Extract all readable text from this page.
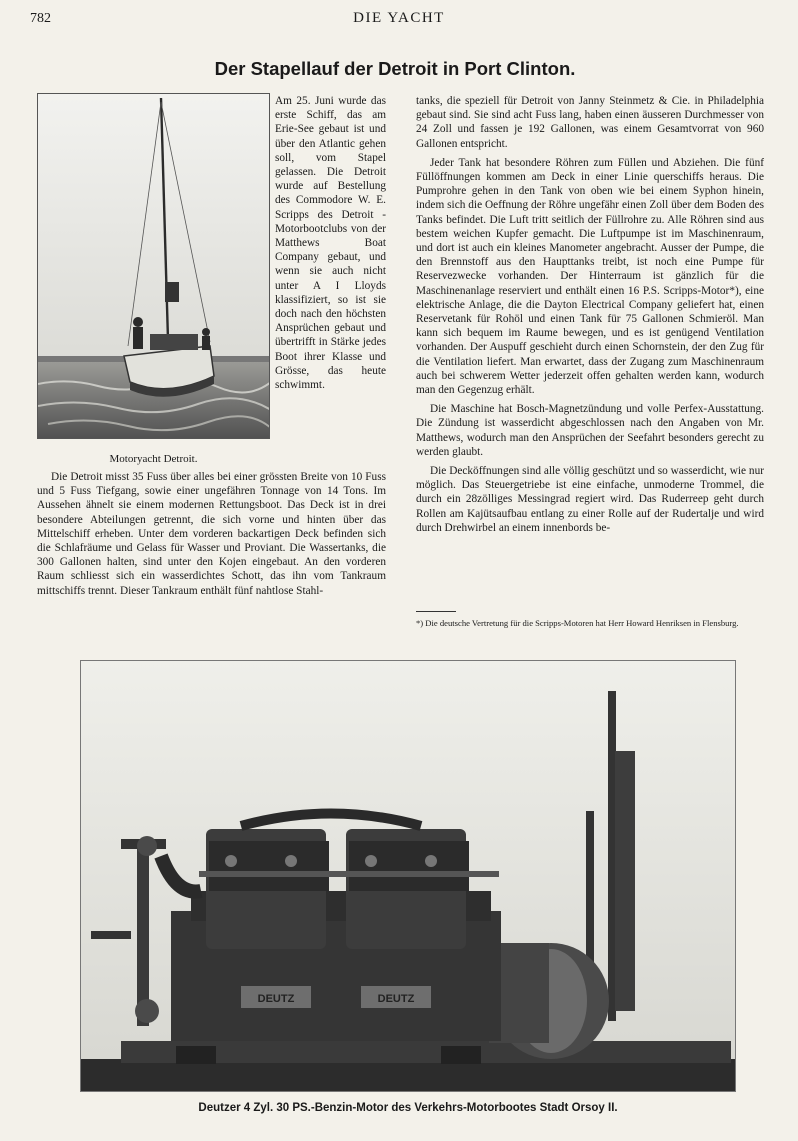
782	DIE YACHT
Der Stapellauf der Detroit in Port Clinton.
Motoryacht Detroit.

Am 25. Juni wurde das erste Schiff, das am Erie-See gebaut ist und über den Atlantic gehen soll, vom Stapel gelassen. Die Detroit wurde auf Bestellung des Commodore W. E. Scripps des Detroit - Motorbootclubs von der Matthews Boat Company gebaut, und wenn sie auch nicht unter A I Lloyds klassifiziert, so ist sie doch nach den höchsten Ansprüchen gebaut und übertrifft in Stärke jedes Boot ihrer Klasse und Grösse, das heute schwimmt.

Die Detroit misst 35 Fuss über alles bei einer grössten Breite von 10 Fuss und 5 Fuss Tiefgang, sowie einer ungefähren Tonnage von 14 Tons. Im Aussehen ähnelt sie einem modernen Rettungsboot. Das Deck ist in drei besondere Abteilungen getrennt, die sich vorne und hinten über das Mittelschiff erheben. Unter dem vorderen backartigen Deck befinden sich die Schlafräume und Gelass für Wasser und Proviant. Die Wassertanks, die 300 Gallonen halten, sind unter den Kojen eingebaut. An den vorderen Raum schliesst sich ein wasserdichtes Schott, das ihn vom Tankraum mittschiffs trennt. Dieser Tankraum enthält fünf nahtlose Stahl-

tanks, die speziell für Detroit von Janny Steinmetz & Cie. in Philadelphia gebaut sind. Sie sind acht Fuss lang, haben einen äusseren Durchmesser von 24 Zoll und fassen je 192 Gallonen, was einem Gesamtvorrat von 960 Gallonen entspricht.

Jeder Tank hat besondere Röhren zum Füllen und Abziehen. Die fünf Füllöffnungen kommen am Deck in einer Linie querschiffs heraus. Die Pumprohre gehen in den Tank von oben wie bei einem Syphon hinein, indem sich die Oeffnung der Röhre ungefähr einen Zoll über dem Boden des Tanks befindet. Die Luft tritt seitlich der Füllrohre zu. Alle Röhren sind aus bestem weichen Kupfer gemacht. Die Luftpumpe ist im Maschinenraum, und dort ist auch ein kleines Manometer angebracht. Ausser der Pumpe, die den Brennstoff aus den Haupttanks treibt, ist noch eine Pumpe für Reservezwecke vorhanden. Der Hinterraum ist gänzlich für die Maschinenanlage reserviert und enthält einen 16 P.S. Scripps-Motor*), eine elektrische Anlage, die die Dayton Electrical Company geliefert hat, einen Reservetank für Rohöl und einen Tank für 75 Gallonen Schmieröl. Man kann sich bequem im Raume bewegen, und es ist genügend Ventilation vorhanden. Der Auspuff geschieht durch einen Schornstein, der den Zug für die Ventilation liefert. Man erwartet, dass der Zugang zum Maschinenraum auch bei schwerem Wetter jederzeit offen gehalten werden kann, wodurch man den Gegenzug erhält.

Die Maschine hat Bosch-Magnetzündung und volle Perfex-Ausstattung. Die Zündung ist wasserdicht abgeschlossen nach den Angaben von Mr. Matthews, wodurch man den Ansprüchen der Seefahrt besonders gerecht zu werden glaubt.

Die Decköffnungen sind alle völlig geschützt und so wasserdicht, wie nur möglich. Das Steuergetriebe ist eine einfache, unmoderne Trommel, die durch ein 28zölliges Messingrad regiert wird. Das Ruderreep geht durch Rollen am Kajütsaufbau entlang zu einer Rolle auf der Rudertalje und wird durch Drehwirbel an einem innenbords be-

*) Die deutsche Vertretung für die Scripps-Motoren hat Herr Howard Henriksen in Flensburg.
DEUTZ	DEUTZ
Deutzer 4 Zyl. 30 PS.-Benzin-Motor des Verkehrs-Motorbootes Stadt Orsoy II.
